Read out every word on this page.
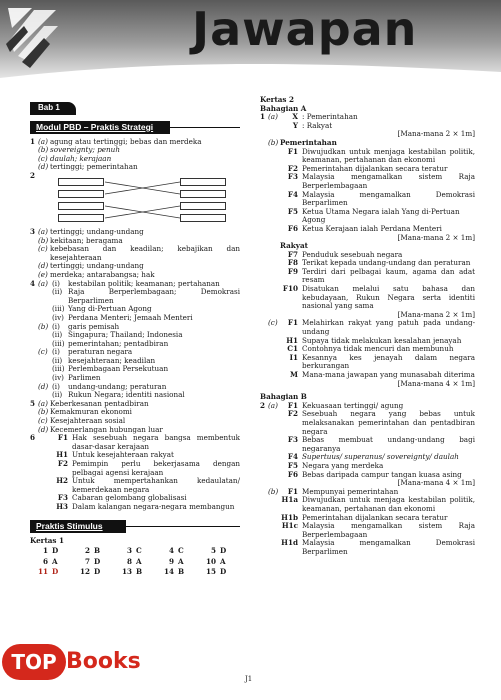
Jawapan
Bab 1
Modul PBD – Praktis Strategi
1 (a) agung atau tertinggi; bebas dan merdeka
(b) sovereignty; penuh
(c) daulah; kerajaan
(d) tertinggi; pemerintahan
2
3 (a) tertinggi; undang-undang
(b) kekitaan; beragama
(c) kebebasan dan keadilan; kebajikan dan kesejahteraan
(d) tertinggi; undang-undang
(e) merdeka; antarabangsa; hak
4 (a) (i)	kestabilan politik; keamanan; pertahanan
(ii) Raja Berperlembagaan; Demokrasi Berparlimen
(iii) Yang di-Pertuan Agong
(iv) Perdana Menteri; Jemaah Menteri
(b) (i)	garis pemisah
(ii) Singapura; Thailand; Indonesia
(iii) pemerintahan; pentadbiran
(c) (i)	peraturan negara
(ii) kesejahteraan; keadilan
(iii) Perlembagaan Persekutuan
(iv) Parlimen
(d) (i)	undang-undang; peraturan
(ii) Rukun Negara; identiti nasional
5 (a) Keberkesanan pentadbiran
(b) Kemakmuran ekonomi
(c) Kesejahteraan sosial
(d) Kecemerlangan hubungan luar
6	F1 Hak sesebuah negara bangsa membentuk dasar-dasar kerajaan
H1 Untuk kesejahteraan rakyat
F2 Pemimpin perlu bekerjasama dengan pelbagai agensi kerajaan
H2 Untuk mempertahankan kedaulatan/ kemerdekaan negara
F3 Cabaran gelombang globalisasi
H3 Dalam kalangan negara-negara membangun
Praktis Stimulus
Kertas 1
1 D	2 B	3 C	4 C	5 D
6 A	7 D	8 A	9 A	10 A
11 D	12 D	13 B	14 B	15 D
Kertas 2
Bahagian A
1 (a)	X : Pemerintahan
Y : Rakyat
[Mana-mana 2 × 1m]
(b) Pemerintahan
F1 Diwujudkan untuk menjaga kestabilan politik, keamanan, pertahanan dan ekonomi
F2 Pemerintahan dijalankan secara teratur
F3 Malaysia mengamalkan sistem Raja Berperlembagaan
F4 Malaysia mengamalkan Demokrasi Berparlimen
F5 Ketua Utama Negara ialah Yang di-Pertuan Agong
F6 Ketua Kerajaan ialah Perdana Menteri
[Mana-mana 2 × 1m]
Rakyat
F7 Penduduk sesebuah negara
F8 Terikat kepada undang-undang dan peraturan
F9 Terdiri dari pelbagai kaum, agama dan adat resam
F10 Disatukan melalui satu bahasa dan kebudayaan, Rukun Negara serta identiti nasional yang sama
[Mana-mana 2 × 1m]
(c)	F1 Melahirkan rakyat yang patuh pada undang-undang
H1 Supaya tidak melakukan kesalahan jenayah
C1 Contohnya tidak mencuri dan membunuh
I1 Kesannya kes jenayah dalam negara berkurangan
M Mana-mana jawapan yang munasabah diterima
[Mana-mana 4 × 1m]
Bahagian B
2 (a)	F1 Kekuasaan tertinggi/ agung
F2 Sesebuah negara yang bebas untuk melaksanakan pemerintahan dan pentadbiran negara
F3 Bebas membuat undang-undang bagi negaranya
F4 Supertuus/ superanus/ sovereignty/ daulah
F5 Negara yang merdeka
F6 Bebas daripada campur tangan kuasa asing
[Mana-mana 4 × 1m]
(b)	F1 Mempunyai pemerintahan
H1a Diwujudkan untuk menjaga kestabilan politik, keamanan, pertahanan dan ekonomi
H1b Pemerintahan dijalankan secara teratur
H1c Malaysia mengamalkan sistem Raja Berperlembagaan
H1d Malaysia mengamalkan Demokrasi Berparlimen
J1
TOP Books
